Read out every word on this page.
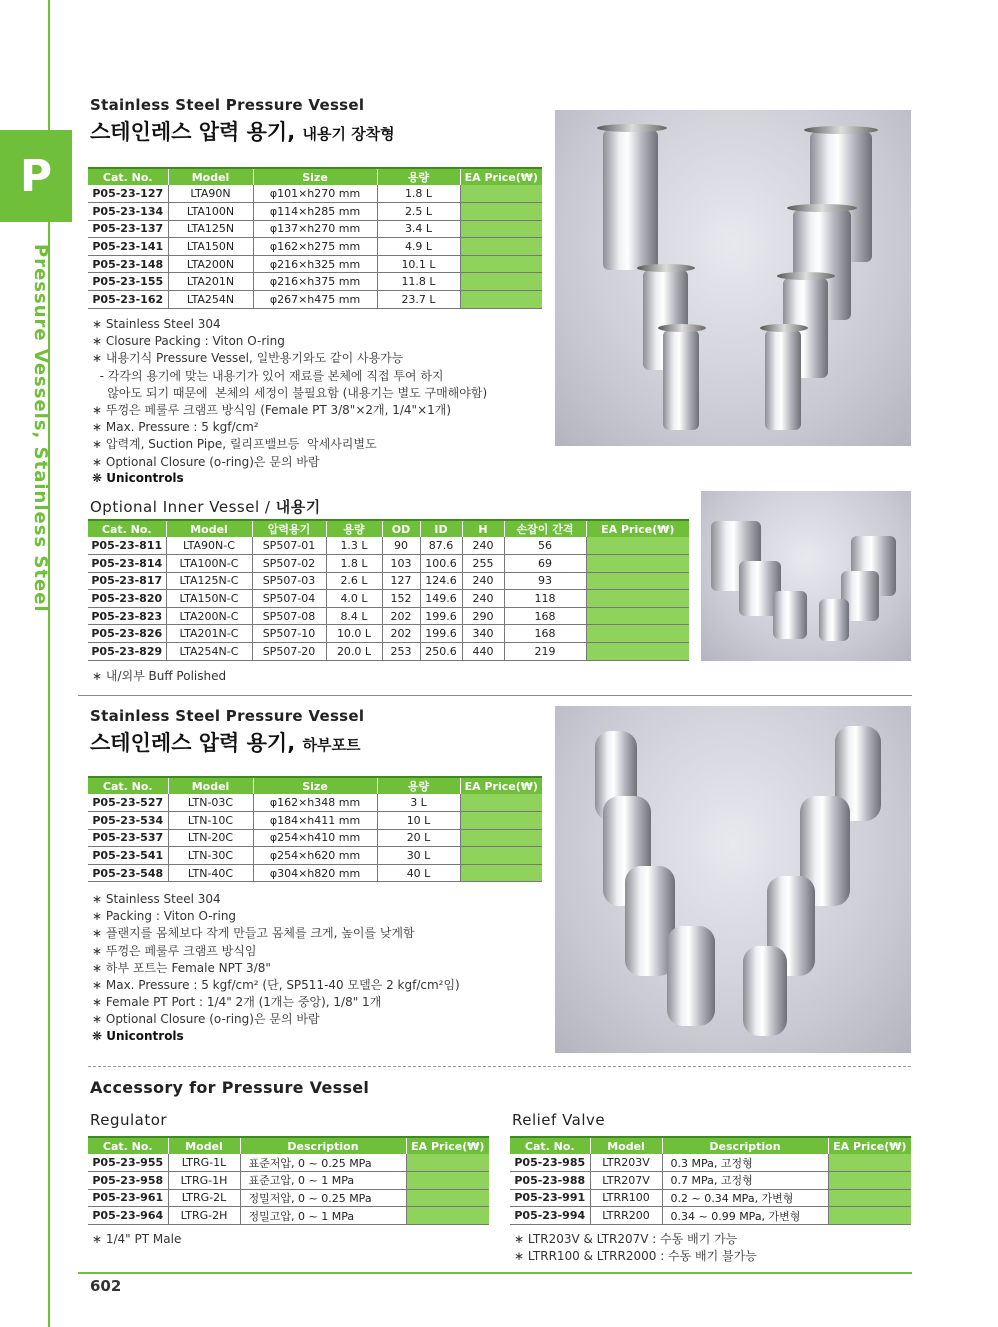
P
Pressure Vessels, Stainless Steel
Stainless Steel Pressure Vessel
스테인레스 압력 용기, 내용기 장착형
Cat. No.	Model	Size	용량	EA Price(₩)
P05-23-127	LTA90N	φ101×h270 mm	1.8 L	
P05-23-134	LTA100N	φ114×h285 mm	2.5 L	
P05-23-137	LTA125N	φ137×h270 mm	3.4 L	
P05-23-141	LTA150N	φ162×h275 mm	4.9 L	
P05-23-148	LTA200N	φ216×h325 mm	10.1 L	
P05-23-155	LTA201N	φ216×h375 mm	11.8 L	
P05-23-162	LTA254N	φ267×h475 mm	23.7 L	
∗ Stainless Steel 304
∗ Closure Packing : Viton O-ring
∗ 내용기식 Pressure Vessel, 일반용기와도 같이 사용가능
- 각각의 용기에 맞는 내용기가 있어 재료를 본체에 직접 투여 하지
않아도 되기 때문에  본체의 세정이 불필요함 (내용기는 별도 구매해야함)
∗ 뚜껑은 페룰루 크램프 방식임 (Female PT 3/8"×2개, 1/4"×1개)
∗ Max. Pressure : 5 kgf/cm²
∗ 압력계, Suction Pipe, 릴리프밸브등  악세사리별도
∗ Optional Closure (o-ring)은 문의 바람
❋ Unicontrols
Optional Inner Vessel / 내용기
Cat. No.	Model	압력용기	용량	OD	ID	H	손잡이 간격	EA Price(₩)
P05-23-811	LTA90N-C	SP507-01	1.3 L	90	87.6	240	56	
P05-23-814	LTA100N-C	SP507-02	1.8 L	103	100.6	255	69	
P05-23-817	LTA125N-C	SP507-03	2.6 L	127	124.6	240	93	
P05-23-820	LTA150N-C	SP507-04	4.0 L	152	149.6	240	118	
P05-23-823	LTA200N-C	SP507-08	8.4 L	202	199.6	290	168	
P05-23-826	LTA201N-C	SP507-10	10.0 L	202	199.6	340	168	
P05-23-829	LTA254N-C	SP507-20	20.0 L	253	250.6	440	219	
∗ 내/외부 Buff Polished
Stainless Steel Pressure Vessel
스테인레스 압력 용기, 하부포트
Cat. No.	Model	Size	용량	EA Price(₩)
P05-23-527	LTN-03C	φ162×h348 mm	3 L	
P05-23-534	LTN-10C	φ184×h411 mm	10 L	
P05-23-537	LTN-20C	φ254×h410 mm	20 L	
P05-23-541	LTN-30C	φ254×h620 mm	30 L	
P05-23-548	LTN-40C	φ304×h820 mm	40 L	
∗ Stainless Steel 304
∗ Packing : Viton O-ring
∗ 플랜지를 몸체보다 작게 만들고 몸체를 크게, 높이를 낮게함
∗ 뚜껑은 페룰루 크램프 방식임
∗ 하부 포트는 Female NPT 3/8"
∗ Max. Pressure : 5 kgf/cm² (단, SP511-40 모델은 2 kgf/cm²임)
∗ Female PT Port : 1/4" 2개 (1개는 중앙), 1/8" 1개
∗ Optional Closure (o-ring)은 문의 바람
❋ Unicontrols
Accessory for Pressure Vessel
Regulator
Cat. No.	Model	Description	EA Price(₩)
P05-23-955	LTRG-1L	표준저압, 0 ~ 0.25 MPa	
P05-23-958	LTRG-1H	표준고압, 0 ~ 1 MPa	
P05-23-961	LTRG-2L	정밀저압, 0 ~ 0.25 MPa	
P05-23-964	LTRG-2H	정밀고압, 0 ~ 1 MPa	
∗ 1/4" PT Male
Relief Valve
Cat. No.	Model	Description	EA Price(₩)
P05-23-985	LTR203V	0.3 MPa, 고정형	
P05-23-988	LTR207V	0.7 MPa, 고정형	
P05-23-991	LTRR100	0.2 ~ 0.34 MPa, 가변형	
P05-23-994	LTRR200	0.34 ~ 0.99 MPa, 가변형	
∗ LTR203V & LTR207V : 수동 배기 가능
∗ LTRR100 & LTRR2000 : 수동 배기 불가능
602
